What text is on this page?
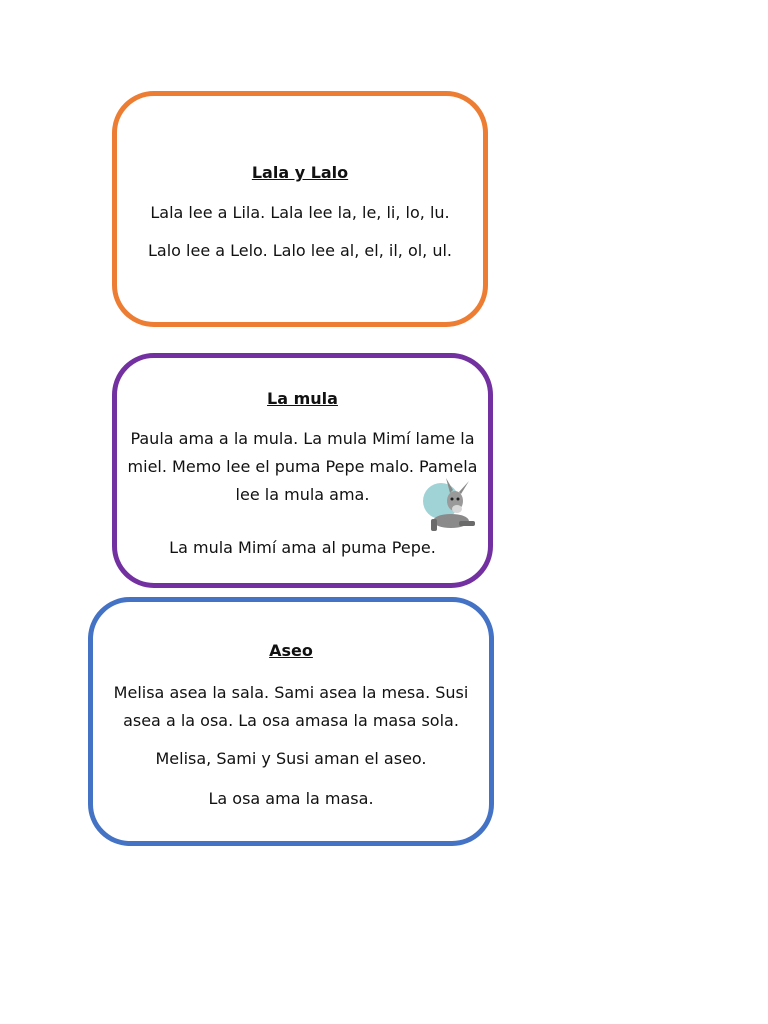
Lala y Lalo
Lala lee a Lila. Lala lee la, le, li, lo, lu.
Lalo lee a Lelo. Lalo lee al, el, il, ol, ul.
La mula
Paula ama a la mula. La mula Mimí lame la
miel. Memo lee el puma Pepe malo. Pamela
lee la mula ama.
La mula Mimí ama al puma Pepe.
Aseo
Melisa asea la sala. Sami asea la mesa. Susi
asea a la osa. La osa amasa la masa sola.
Melisa, Sami y Susi aman el aseo.
La osa ama la masa.
